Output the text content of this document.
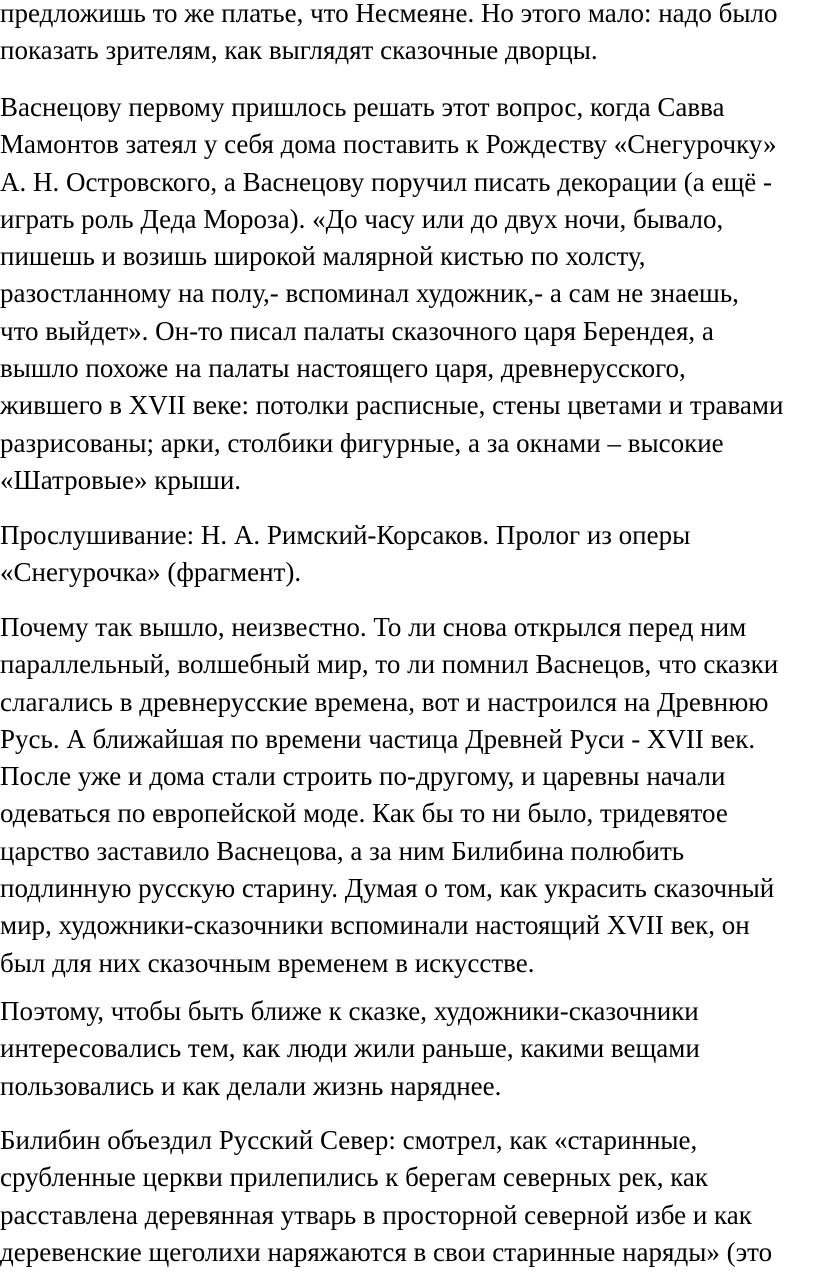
предложишь то же платье, что Несмеяне. Но этого мало: надо было
показать зрителям, как выглядят сказочные дворцы.

Васнецову первому пришлось решать этот вопрос, когда Савва
Мамонтов затеял у себя дома поставить к Рождеству «Снегурочку»
А. Н. Островского, а Васнецову поручил писать декорации (а ещё -
играть роль Деда Мороза). «До часу или до двух ночи, бывало,
пишешь и возишь широкой малярной кистью по холсту,
разостланному на полу,- вспоминал художник,- а сам не знаешь,
что выйдет». Он-то писал палаты сказочного царя Берендея, а
вышло похоже на палаты настоящего царя, древнерусского,
жившего в XVII веке: потолки расписные, стены цветами и травами
разрисованы; арки, столбики фигурные, а за окнами – высокие
«Шатровые» крыши.

Прослушивание: Н. А. Римский-Корсаков. Пролог из оперы
«Снегурочка» (фрагмент).

Почему так вышло, неизвестно. То ли снова открылся перед ним
параллельный, волшебный мир, то ли помнил Васнецов, что сказки
слагались в древнерусские времена, вот и настроился на Древнюю
Русь. А ближайшая по времени частица Древней Руси - XVII век.
После уже и дома стали строить по-другому, и царевны начали
одеваться по европейской моде. Как бы то ни было, тридевятое
царство заставило Васнецова, а за ним Билибина полюбить
подлинную русскую старину. Думая о том, как украсить сказочный
мир, художники-сказочники вспоминали настоящий XVII век, он
был для них сказочным временем в искусстве.

Поэтому, чтобы быть ближе к сказке, художники-сказочники
интересовались тем, как люди жили раньше, какими вещами
пользовались и как делали жизнь наряднее.

Билибин объездил Русский Север: смотрел, как «старинные,
срубленные церкви прилепились к берегам северных рек, как
расставлена деревянная утварь в просторной северной избе и как
деревенские щеголихи наряжаются в свои старинные наряды» (это
